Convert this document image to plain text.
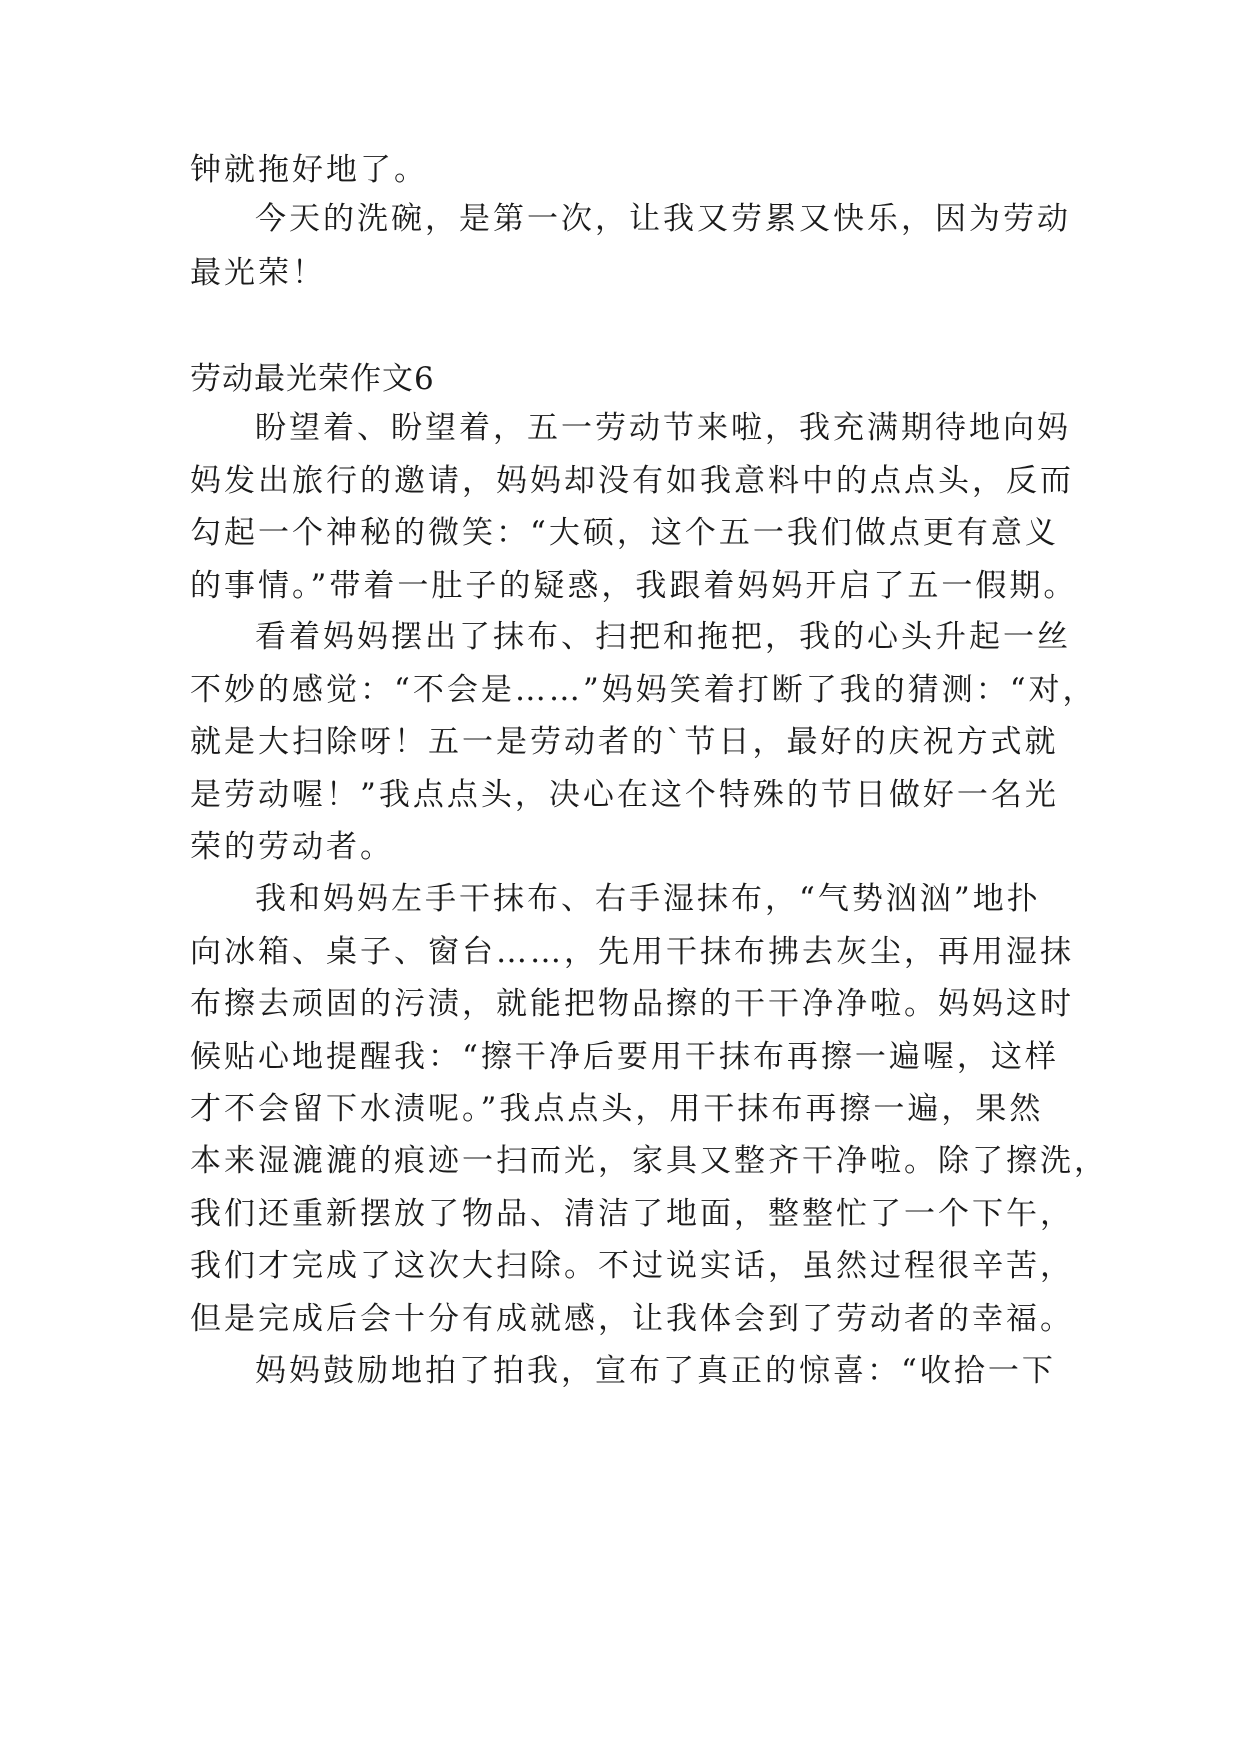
钟就拖好地了。
今天的洗碗，是第一次，让我又劳累又快乐，因为劳动
最光荣！
劳动最光荣作文6
盼望着、盼望着，五一劳动节来啦，我充满期待地向妈
妈发出旅行的邀请，妈妈却没有如我意料中的点点头，反而
勾起一个神秘的微笑：“大硕，这个五一我们做点更有意义
的事情。”带着一肚子的疑惑，我跟着妈妈开启了五一假期。
看着妈妈摆出了抹布、扫把和拖把，我的心头升起一丝
不妙的感觉：“不会是……”妈妈笑着打断了我的猜测：“对，
就是大扫除呀！五一是劳动者的`节日，最好的庆祝方式就
是劳动喔！”我点点头，决心在这个特殊的节日做好一名光
荣的劳动者。
我和妈妈左手干抹布、右手湿抹布，“气势汹汹”地扑
向冰箱、桌子、窗台……，先用干抹布拂去灰尘，再用湿抹
布擦去顽固的污渍，就能把物品擦的干干净净啦。妈妈这时
候贴心地提醒我：“擦干净后要用干抹布再擦一遍喔，这样
才不会留下水渍呢。”我点点头，用干抹布再擦一遍，果然
本来湿漉漉的痕迹一扫而光，家具又整齐干净啦。除了擦洗，
我们还重新摆放了物品、清洁了地面，整整忙了一个下午，
我们才完成了这次大扫除。不过说实话，虽然过程很辛苦，
但是完成后会十分有成就感，让我体会到了劳动者的幸福。
妈妈鼓励地拍了拍我，宣布了真正的惊喜：“收拾一下
